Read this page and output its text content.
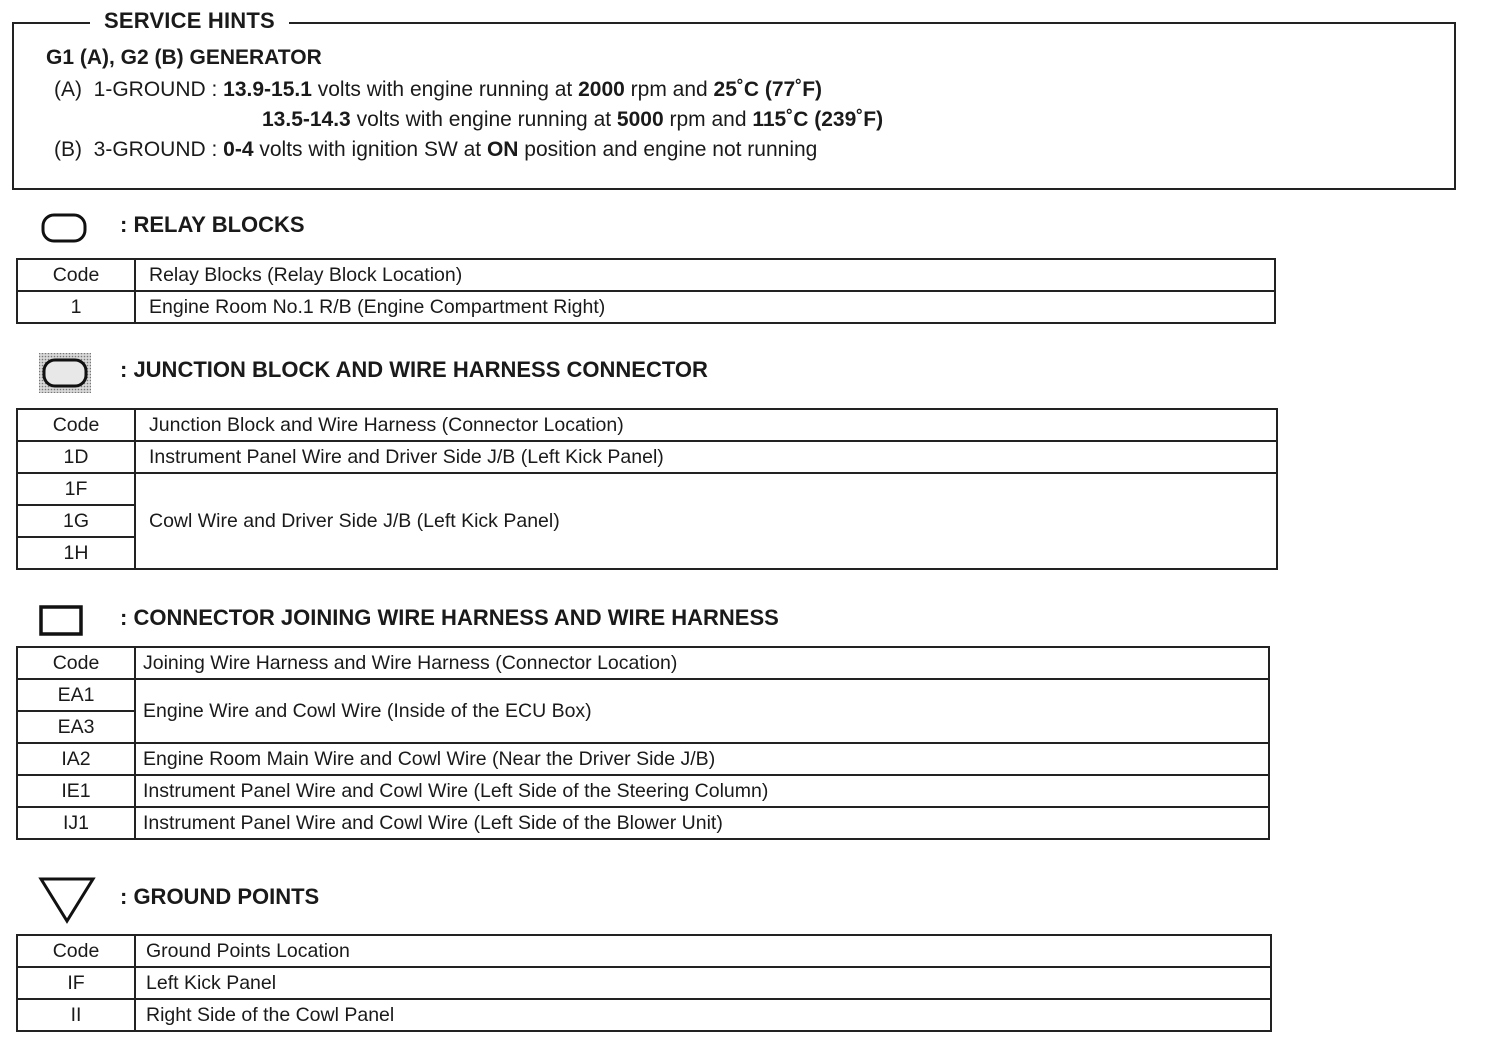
SERVICE HINTS
G1 (A), G2 (B) GENERATOR
(A)  1-GROUND : 13.9-15.1 volts with engine running at 2000 rpm and 25˚C (77˚F)
13.5-14.3 volts with engine running at 5000 rpm and 115˚C (239˚F)
(B)  3-GROUND : 0-4 volts with ignition SW at ON position and engine not running
: RELAY BLOCKS
Code	Relay Blocks (Relay Block Location)
1	Engine Room No.1 R/B (Engine Compartment Right)
: JUNCTION BLOCK AND WIRE HARNESS CONNECTOR
Code	Junction Block and Wire Harness (Connector Location)
1D	Instrument Panel Wire and Driver Side J/B (Left Kick Panel)
1F	Cowl Wire and Driver Side J/B (Left Kick Panel)
1G	
1H	
: CONNECTOR JOINING WIRE HARNESS AND WIRE HARNESS
Code	Joining Wire Harness and Wire Harness (Connector Location)
EA1	Engine Wire and Cowl Wire (Inside of the ECU Box)
EA3	
IA2	Engine Room Main Wire and Cowl Wire (Near the Driver Side J/B)
IE1	Instrument Panel Wire and Cowl Wire (Left Side of the Steering Column)
IJ1	Instrument Panel Wire and Cowl Wire (Left Side of the Blower Unit)
: GROUND POINTS
Code	Ground Points Location
IF	Left Kick Panel
II	Right Side of the Cowl Panel
